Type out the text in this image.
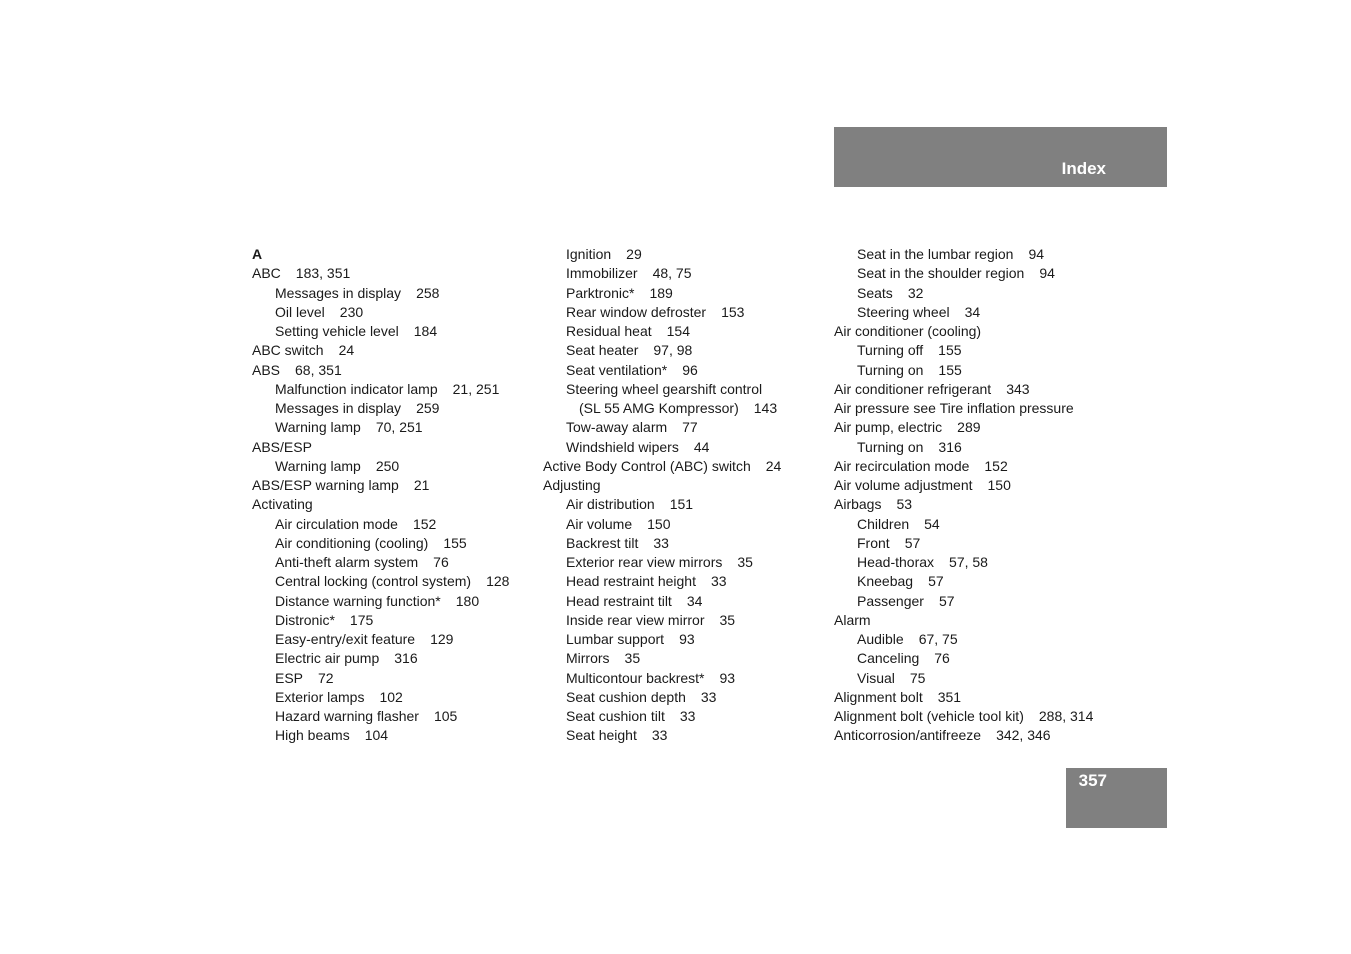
Index
A
ABC 183, 351
Messages in display 258
Oil level 230
Setting vehicle level 184
ABC switch 24
ABS 68, 351
Malfunction indicator lamp 21, 251
Messages in display 259
Warning lamp 70, 251
ABS/ESP
Warning lamp 250
ABS/ESP warning lamp 21
Activating
Air circulation mode 152
Air conditioning (cooling) 155
Anti-theft alarm system 76
Central locking (control system) 128
Distance warning function* 180
Distronic* 175
Easy-entry/exit feature 129
Electric air pump 316
ESP 72
Exterior lamps 102
Hazard warning flasher 105
High beams 104
Ignition 29
Immobilizer 48, 75
Parktronic* 189
Rear window defroster 153
Residual heat 154
Seat heater 97, 98
Seat ventilation* 96
Steering wheel gearshift control
(SL 55 AMG Kompressor) 143
Tow-away alarm 77
Windshield wipers 44
Active Body Control (ABC) switch 24
Adjusting
Air distribution 151
Air volume 150
Backrest tilt 33
Exterior rear view mirrors 35
Head restraint height 33
Head restraint tilt 34
Inside rear view mirror 35
Lumbar support 93
Mirrors 35
Multicontour backrest* 93
Seat cushion depth 33
Seat cushion tilt 33
Seat height 33
Seat in the lumbar region 94
Seat in the shoulder region 94
Seats 32
Steering wheel 34
Air conditioner (cooling)
Turning off 155
Turning on 155
Air conditioner refrigerant 343
Air pressure see Tire inflation pressure
Air pump, electric 289
Turning on 316
Air recirculation mode 152
Air volume adjustment 150
Airbags 53
Children 54
Front 57
Head-thorax 57, 58
Kneebag 57
Passenger 57
Alarm
Audible 67, 75
Canceling 76
Visual 75
Alignment bolt 351
Alignment bolt (vehicle tool kit) 288, 314
Anticorrosion/antifreeze 342, 346
357
